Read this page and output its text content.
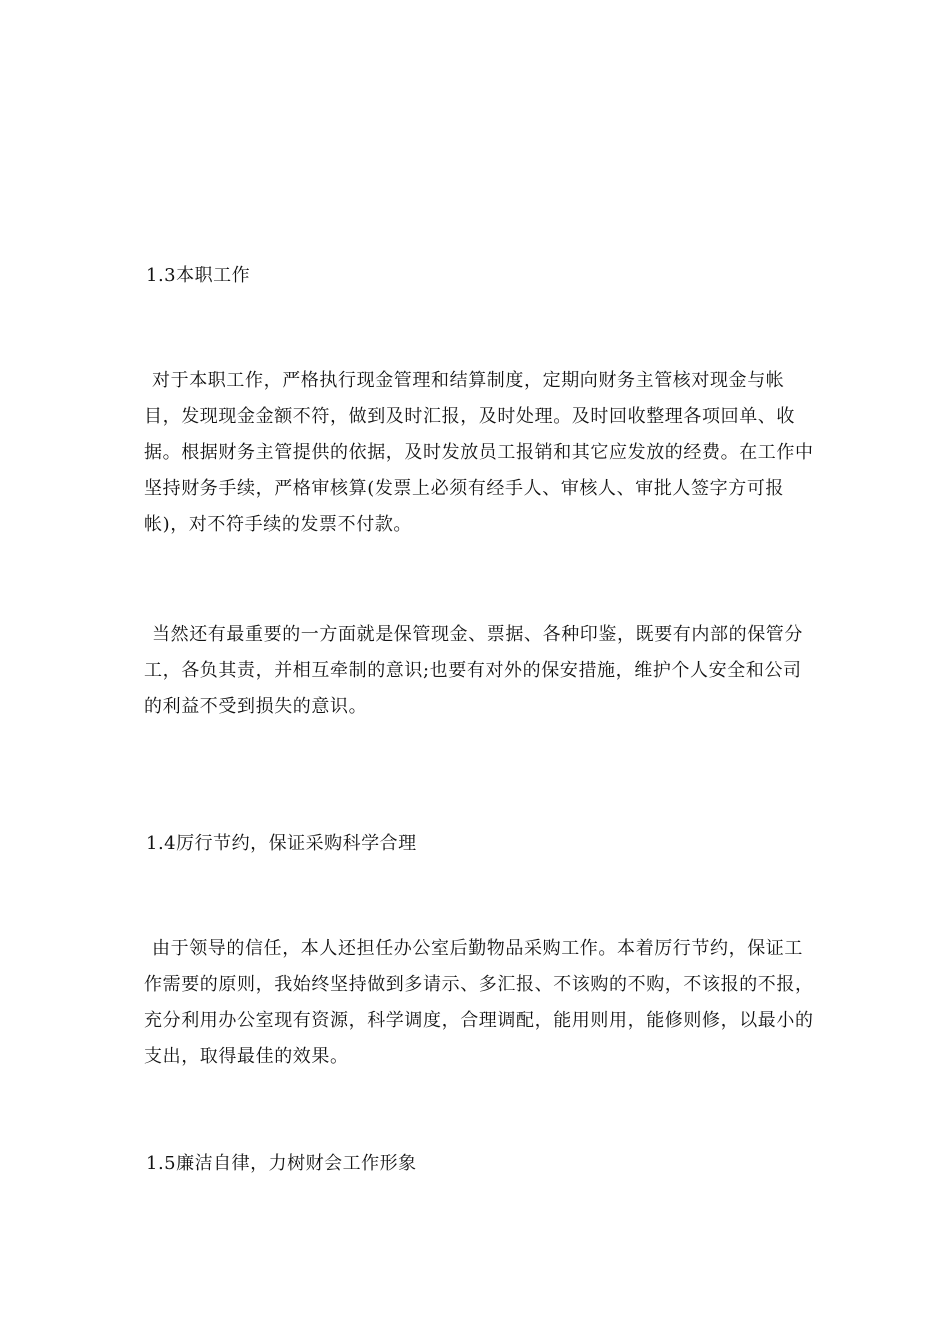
1.3本职工作

对于本职工作，严格执行现金管理和结算制度，定期向财务主管核对现金与帐目，发现现金金额不符，做到及时汇报，及时处理。及时回收整理各项回单、收据。根据财务主管提供的依据，及时发放员工报销和其它应发放的经费。在工作中坚持财务手续，严格审核算(发票上必须有经手人、审核人、审批人签字方可报帐)，对不符手续的发票不付款。

当然还有最重要的一方面就是保管现金、票据、各种印鉴，既要有内部的保管分工，各负其责，并相互牵制的意识;也要有对外的保安措施，维护个人安全和公司的利益不受到损失的意识。

1.4厉行节约，保证采购科学合理

由于领导的信任，本人还担任办公室后勤物品采购工作。本着厉行节约，保证工作需要的原则，我始终坚持做到多请示、多汇报、不该购的不购，不该报的不报，充分利用办公室现有资源，科学调度，合理调配，能用则用，能修则修，以最小的支出，取得最佳的效果。

1.5廉洁自律，力树财会工作形象
